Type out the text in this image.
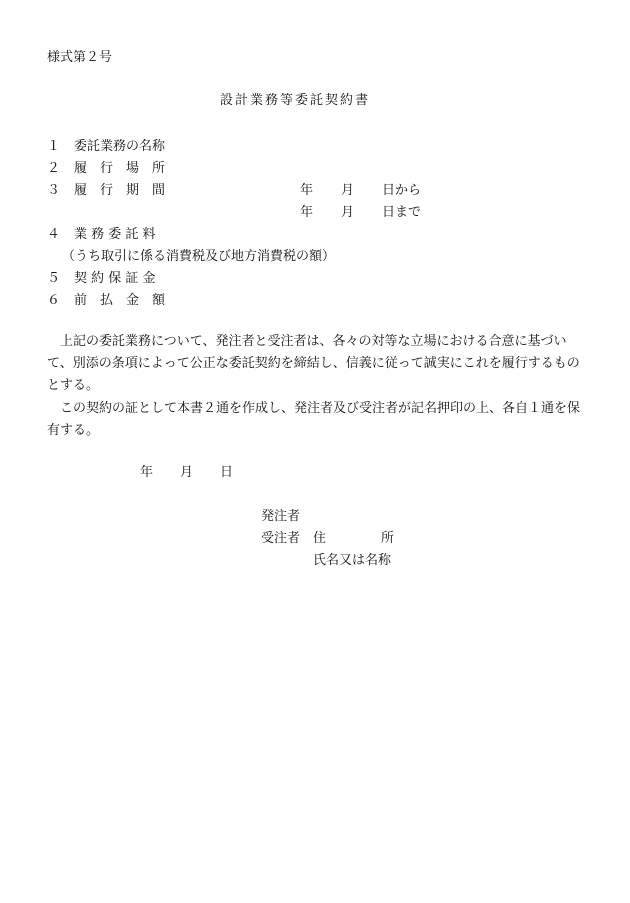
様式第２号
設計業務等委託契約書
１ 委託業務の名称
２ 履　行　場　所
３ 履　行　期　間	年 月 日から
年 月 日まで
４ 業 務 委 託 料
（うち取引に係る消費税及び地方消費税の額）
５ 契 約 保 証 金
６ 前　払　金　額
上記の委託業務について、発注者と受注者は、各々の対等な立場における合意に基づいて、別添の条項によって公正な委託契約を締結し、信義に従って誠実にこれを履行するものとする。
この契約の証として本書２通を作成し、発注者及び受注者が記名押印の上、各自１通を保有する。
年 月 日
発注者
受注者 住	所
氏名又は名称
